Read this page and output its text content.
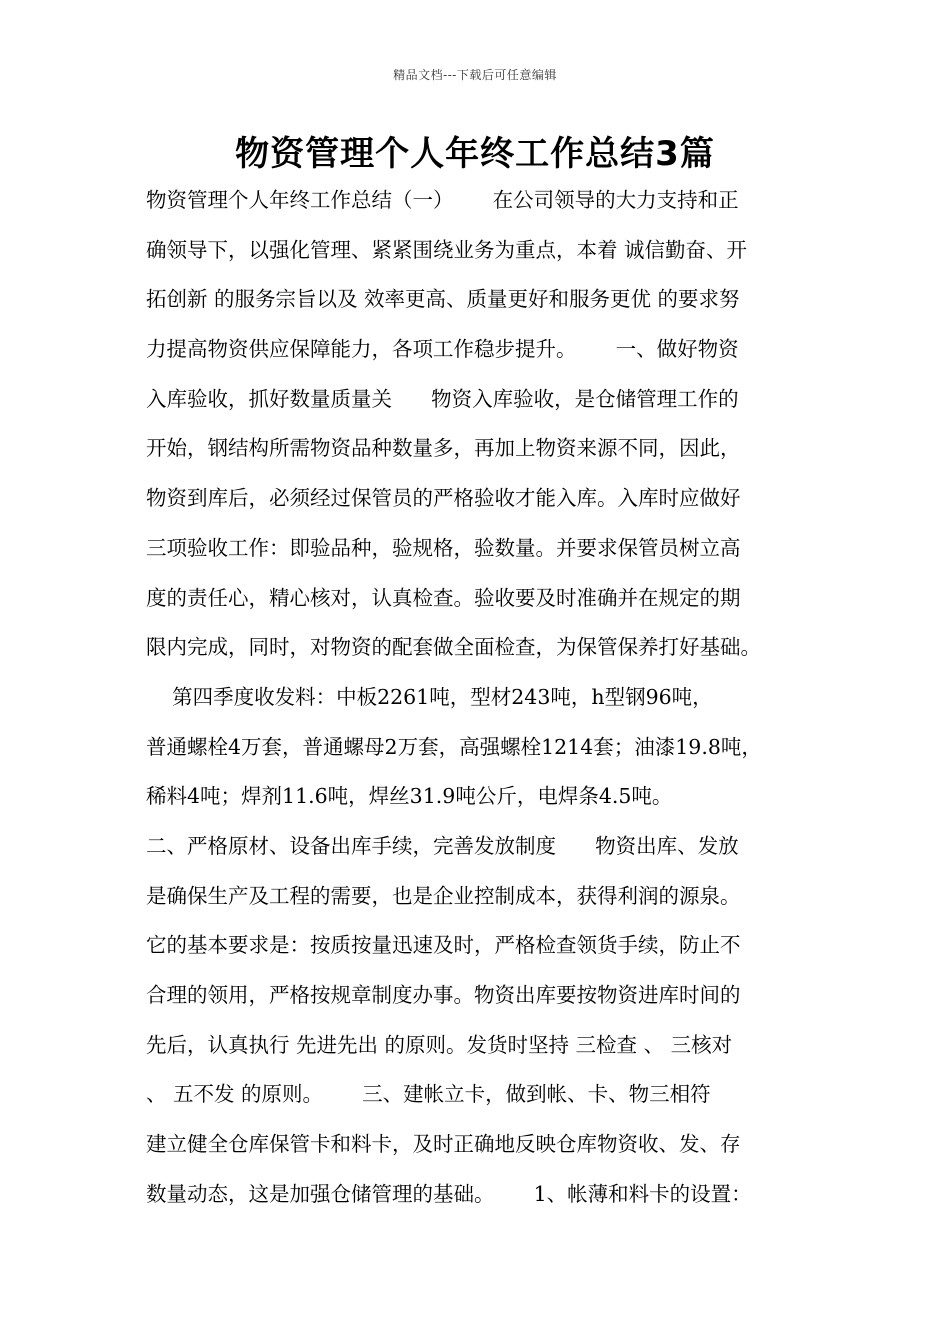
精品文档---下载后可任意编辑
物资管理个人年终工作总结3篇
物资管理个人年终工作总结（一）      在公司领导的大力支持和正
确领导下，以强化管理、紧紧围绕业务为重点，本着 诚信勤奋、开
拓创新 的服务宗旨以及 效率更高、质量更好和服务更优 的要求努
力提高物资供应保障能力，各项工作稳步提升。      一、做好物资
入库验收，抓好数量质量关      物资入库验收，是仓储管理工作的
开始，钢结构所需物资品种数量多，再加上物资来源不同，因此，
物资到库后，必须经过保管员的严格验收才能入库。入库时应做好
三项验收工作：即验品种，验规格，验数量。并要求保管员树立高
度的责任心，精心核对，认真检查。验收要及时准确并在规定的期
限内完成，同时，对物资的配套做全面检查，为保管保养打好基础。
第四季度收发料：中板2261吨，型材243吨，h型钢96吨，
普通螺栓4万套，普通螺母2万套，高强螺栓1214套；油漆19.8吨，
稀料4吨；焊剂11.6吨，焊丝31.9吨公斤，电焊条4.5吨。
二、严格原材、设备出库手续，完善发放制度      物资出库、发放
是确保生产及工程的需要，也是企业控制成本，获得利润的源泉。
它的基本要求是：按质按量迅速及时，严格检查领货手续，防止不
合理的领用，严格按规章制度办事。物资出库要按物资进库时间的
先后，认真执行 先进先出 的原则。发货时坚持 三检查 、 三核对
、 五不发 的原则。      三、建帐立卡，做到帐、卡、物三相符
建立健全仓库保管卡和料卡，及时正确地反映仓库物资收、发、存
数量动态，这是加强仓储管理的基础。      1、帐薄和料卡的设置：
